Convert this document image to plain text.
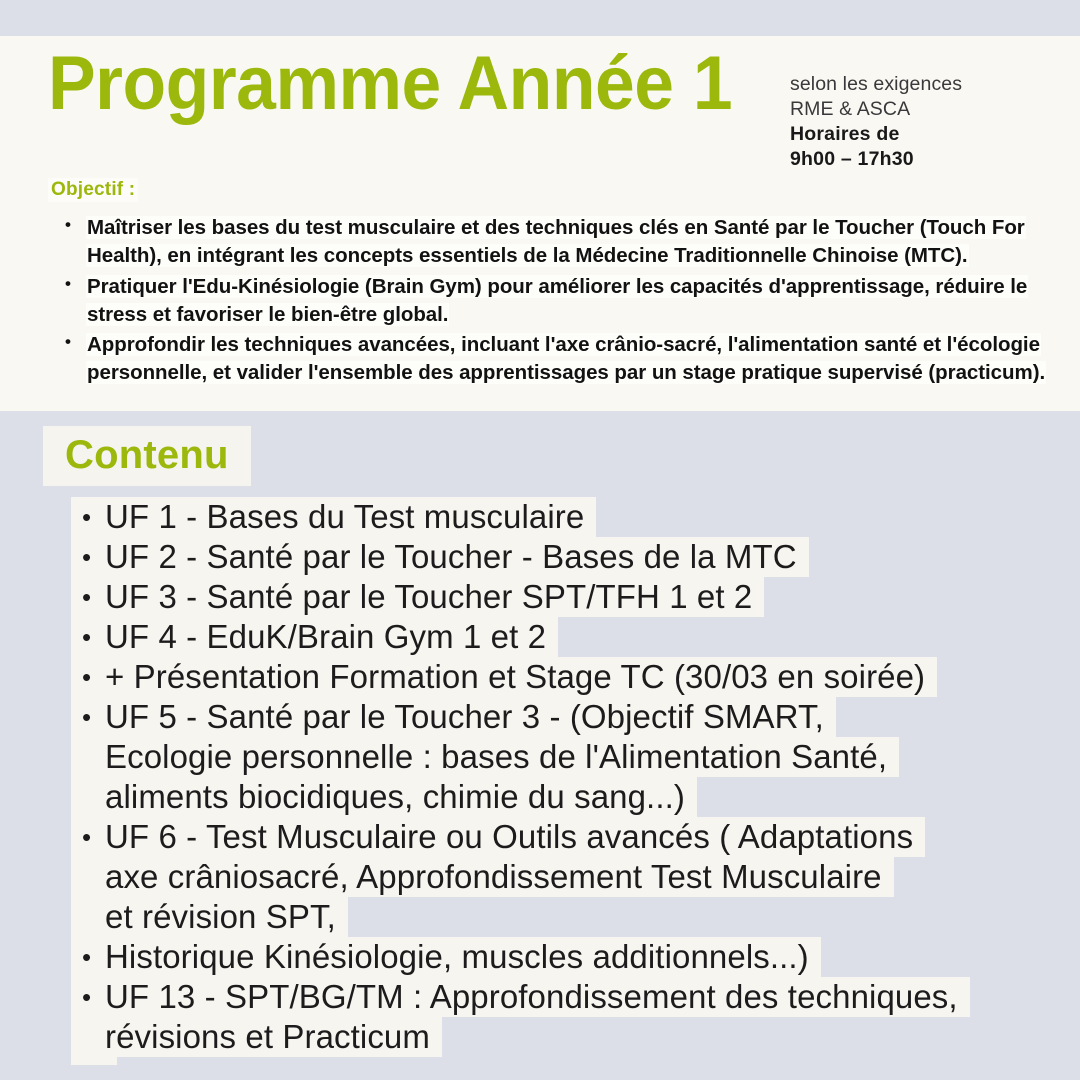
Programme Année 1	selon les exigences
RME & ASCA
Horaires de
9h00 – 17h30
Objectif :
• Maîtriser les bases du test musculaire et des techniques clés en Santé par le Toucher (Touch For Health), en intégrant les concepts essentiels de la Médecine Traditionnelle Chinoise (MTC).
• Pratiquer l'Edu-Kinésiologie (Brain Gym) pour améliorer les capacités d'apprentissage, réduire le stress et favoriser le bien-être global.
• Approfondir les techniques avancées, incluant l'axe crânio-sacré, l'alimentation santé et l'écologie personnelle, et valider l'ensemble des apprentissages par un stage pratique supervisé (practicum).
Contenu
• UF 1 - Bases du Test musculaire
• UF 2 - Santé par le Toucher - Bases de la MTC
• UF 3 - Santé par le Toucher SPT/TFH 1 et 2
• UF 4 - EduK/Brain Gym 1 et 2
• + Présentation Formation et Stage TC (30/03 en soirée)
• UF 5 - Santé par le Toucher 3 - (Objectif SMART,
Ecologie personnelle : bases de l'Alimentation Santé,
aliments biocidiques, chimie du sang...)
• UF 6 - Test Musculaire ou Outils avancés ( Adaptations
axe crâniosacré, Approfondissement Test Musculaire
et révision SPT,
• Historique Kinésiologie, muscles additionnels...)
• UF 13 - SPT/BG/TM : Approfondissement des techniques,
révisions et Practicum
